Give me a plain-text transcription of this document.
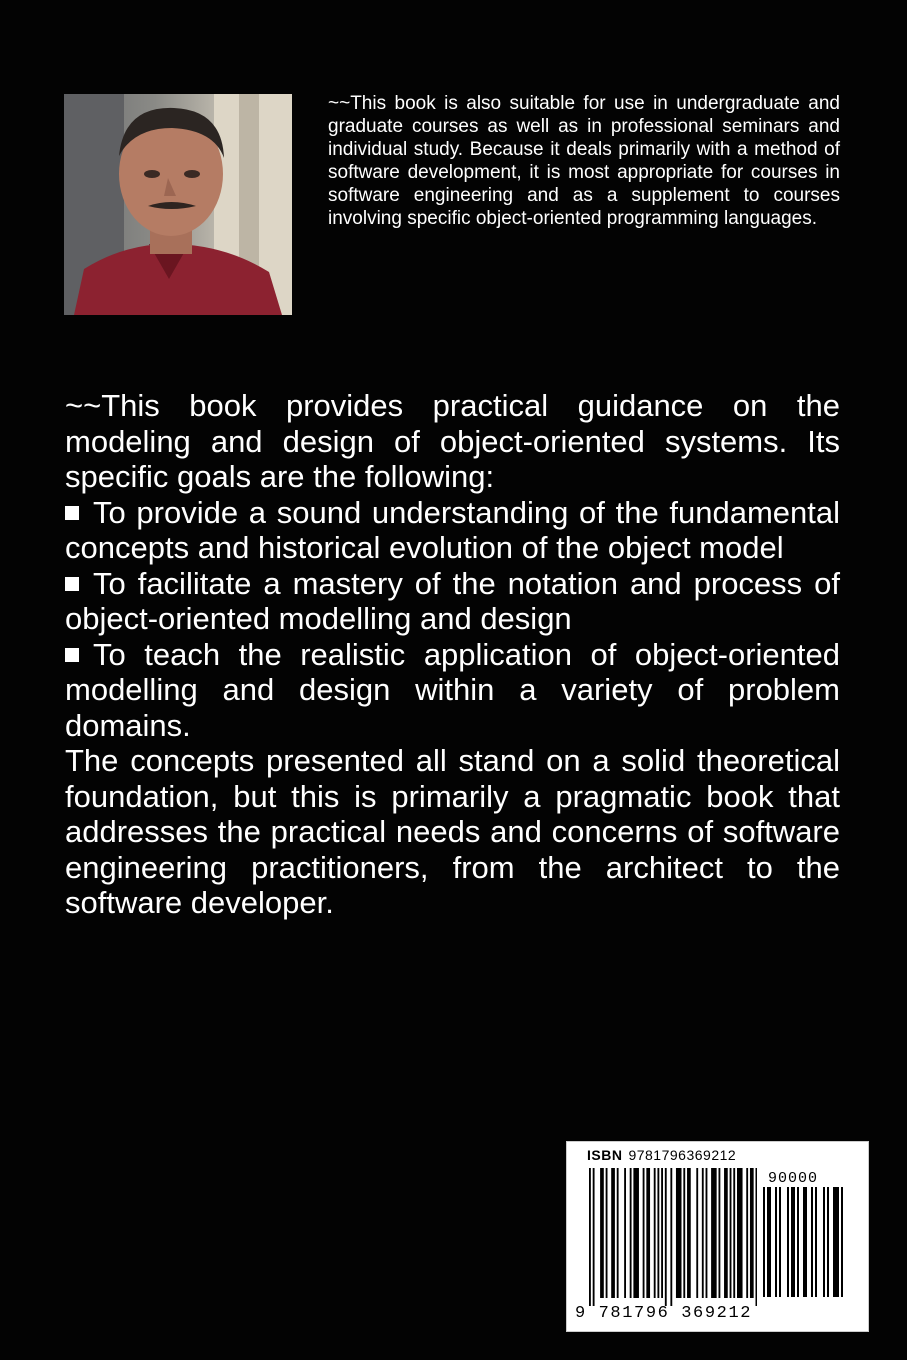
~~This book is also suitable for use in undergraduate and graduate courses as well as in professional seminars and individual study. Because it deals primarily with a method of software development, it is most appropriate for courses in software engineering and as a supplement to courses involving specific object-oriented programming languages.

~~This book provides practical guidance on the modeling and design of object-oriented systems. Its specific goals are the following:

To provide a sound understanding of the fundamental concepts and historical evolution of the object model

To facilitate a mastery of the notation and process of object-oriented modelling and design

To teach the realistic application of object-oriented modelling and design within a variety of problem domains.

The concepts presented all stand on a solid theoretical foundation, but this is primarily a pragmatic book that addresses the practical needs and concerns of software engineering practitioners, from the architect to the software developer.

ISBN 9781796369212
90000
9 781796 369212
